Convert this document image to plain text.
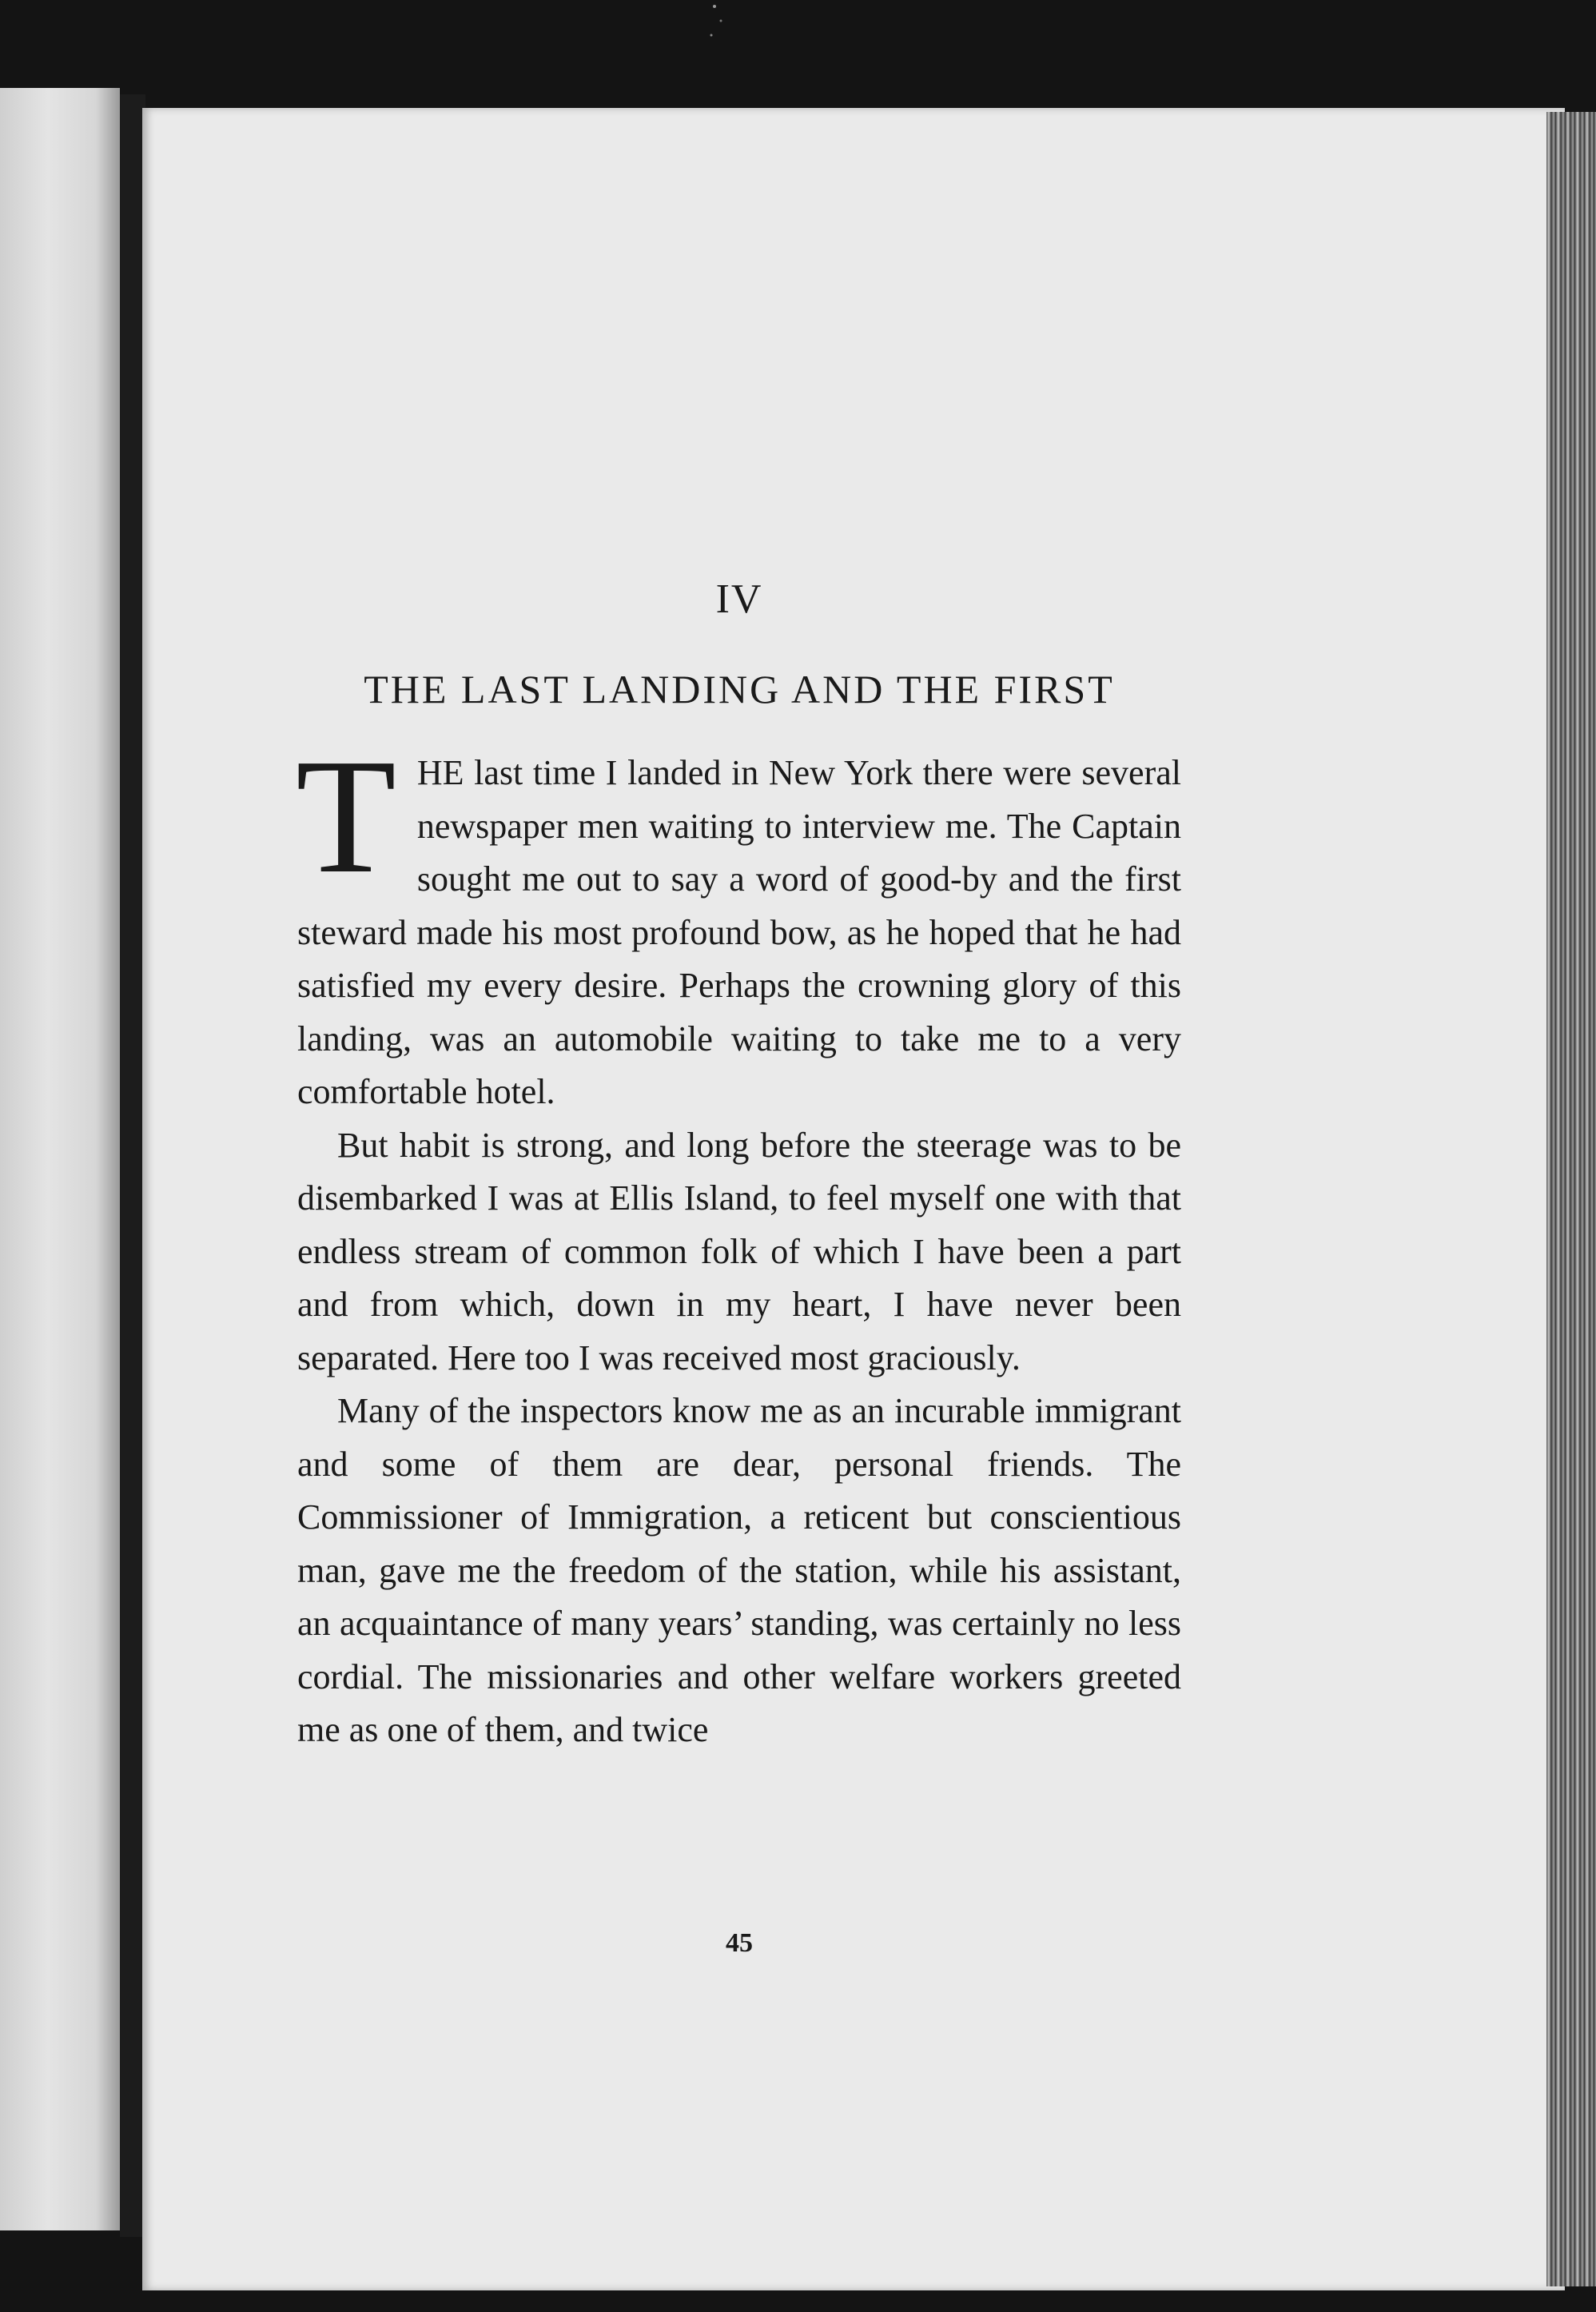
IV
THE LAST LANDING AND THE FIRST

THE last time I landed in New York there were several newspaper men waiting to interview me. The Captain sought me out to say a word of good-by and the first steward made his most profound bow, as he hoped that he had satisfied my every desire. Perhaps the crowning glory of this landing, was an automobile waiting to take me to a very comfortable hotel.

But habit is strong, and long before the steerage was to be disembarked I was at Ellis Island, to feel myself one with that endless stream of common folk of which I have been a part and from which, down in my heart, I have never been separated. Here too I was received most graciously.

Many of the inspectors know me as an incurable immigrant and some of them are dear, personal friends. The Commissioner of Immigration, a reticent but conscientious man, gave me the freedom of the station, while his assistant, an acquaintance of many years’ standing, was certainly no less cordial. The missionaries and other welfare workers greeted me as one of them, and twice

45
